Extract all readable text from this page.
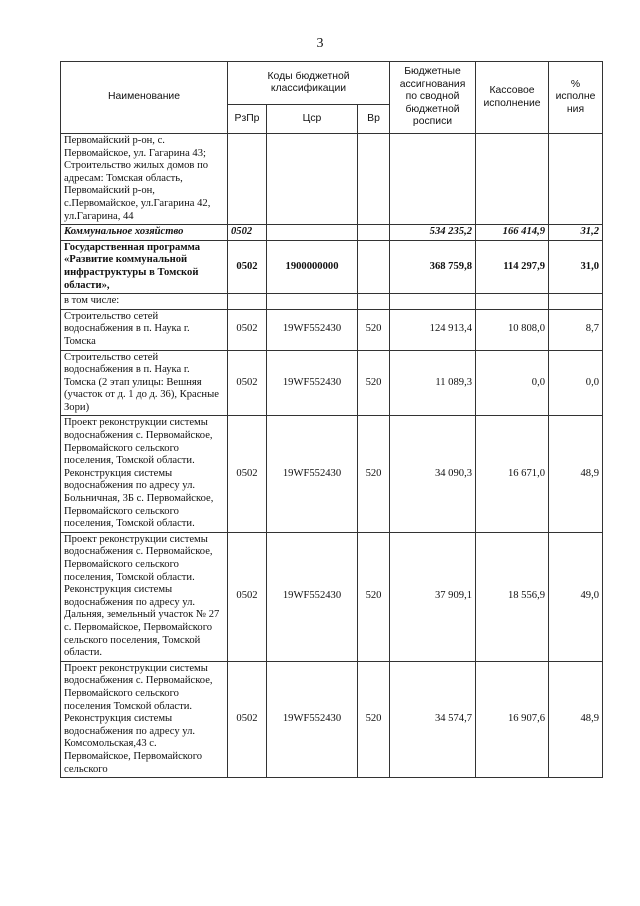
3
Наименование	Коды бюджетной классификации			Бюджетные ассигнования по сводной бюджетной росписи	Кассовое исполнение	% исполне ния
	РзПр	Цср	Вр			
Первомайский р-он, с. Первомайское, ул. Гагарина 43; Строительство жилых домов по адресам: Томская область, Первомайский р-он, с.Первомайское, ул.Гагарина 42, ул.Гагарина, 44						
Коммунальное хозяйство	0502			534 235,2	166 414,9	31,2
Государственная программа «Развитие коммунальной инфраструктуры в Томской области»,	0502	1900000000		368 759,8	114 297,9	31,0
в том числе:						
Строительство сетей водоснабжения в п. Наука г. Томска	0502	19WF552430	520	124 913,4	10 808,0	8,7
Строительство сетей водоснабжения в п. Наука г. Томска (2 этап улицы: Вешняя (участок от д. 1 до д. 36), Красные Зори)	0502	19WF552430	520	11 089,3	0,0	0,0
Проект реконструкции системы водоснабжения с. Первомайское, Первомайского сельского поселения, Томской области. Реконструкция системы водоснабжения по адресу ул. Больничная, 3Б с. Первомайское, Первомайского сельского поселения, Томской области.	0502	19WF552430	520	34 090,3	16 671,0	48,9
Проект реконструкции системы водоснабжения с. Первомайское, Первомайского сельского поселения, Томской области. Реконструкция системы водоснабжения по адресу ул. Дальняя, земельный участок № 27 с. Первомайское, Первомайского сельского поселения, Томской области.	0502	19WF552430	520	37 909,1	18 556,9	49,0
Проект реконструкции системы водоснабжения с. Первомайское, Первомайского сельского поселения Томской области. Реконструкция системы водоснабжения по адресу ул. Комсомольская,43 с. Первомайское, Первомайского сельского	0502	19WF552430	520	34 574,7	16 907,6	48,9
